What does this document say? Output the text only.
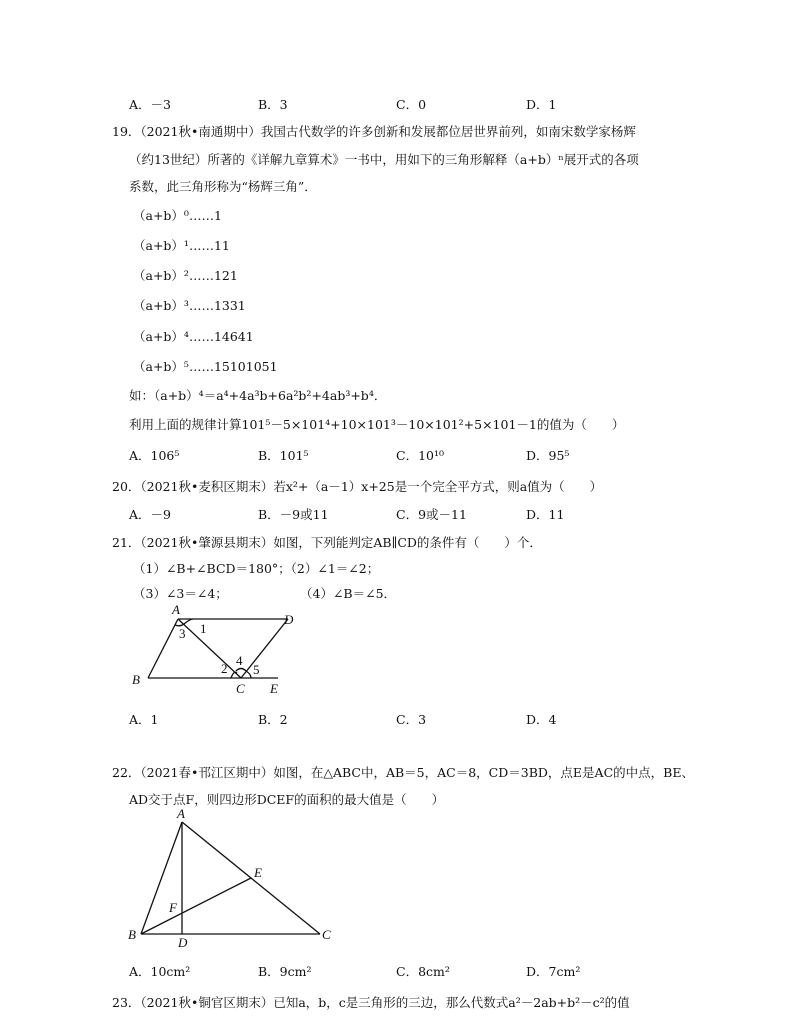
A．－3	B．3	C．0	D．1
19．（2021秋•南通期中）我国古代数学的许多创新和发展都位居世界前列，如南宋数学家杨辉
（约13世纪）所著的《详解九章算术》一书中，用如下的三角形解释（a+b）ⁿ展开式的各项
系数，此三角形称为“杨辉三角”．
（a+b）⁰……1
（a+b）¹……11
（a+b）²……121
（a+b）³……1331
（a+b）⁴……14641
（a+b）⁵……15101051
如：（a+b）⁴＝a⁴+4a³b+6a²b²+4ab³+b⁴．
利用上面的规律计算101⁵－5×101⁴+10×101³－10×101²+5×101－1的值为（　　）
A．106⁵	B．101⁵	C．10¹⁰	D．95⁵
20．（2021秋•麦积区期末）若x²+（a－1）x+25是一个完全平方式，则a值为（　　）
A．－9	B．－9或11	C．9或－11	D．11
21．（2021秋•肇源县期末）如图，下列能判定AB∥CD的条件有（　　）个．
（1）∠B+∠BCD＝180°；（2）∠1＝∠2；
（3）∠3＝∠4；	（4）∠B＝∠5．
A
D
B
C E
1
2
3
4
5
A．1	B．2	C．3	D．4
22．（2021春•邗江区期中）如图，在△ABC中，AB＝5，AC＝8，CD＝3BD，点E是AC的中点，BE、
AD交于点F，则四边形DCEF的面积的最大值是（　　）
A
E
F
B
D
C
A．10cm²	B．9cm²	C．8cm²	D．7cm²
23．（2021秋•铜官区期末）已知a，b，c是三角形的三边，那么代数式a²－2ab+b²－c²的值
